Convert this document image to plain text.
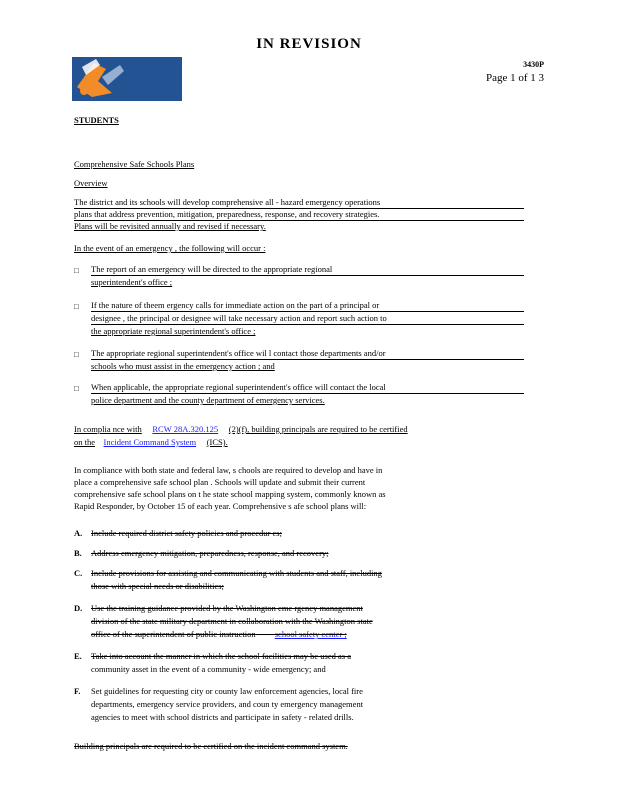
IN REVISION
3430P
Page 1 of 1 3
STUDENTS
Comprehensive Safe Schools Plans
Overview
The district and its schools will develop comprehensive all - hazard emergency operations
plans that address prevention, mitigation, preparedness, response, and recovery strategies.
Plans will be revisited annually and revised if necessary.
In the event of an emergency , the following will occur :
□ The report of an emergency will be directed to the appropriate regional
superintendent's office ;
□ If the nature of theem ergency calls for immediate action on the part of a principal or
designee , the principal or designee will take necessary action and report such action to
the appropriate regional superintendent's office ;
□ The appropriate regional superintendent's office wil l contact those departments and/or
schools who must assist in the emergency action ; and
□ When applicable, the appropriate regional superintendent's office will contact the local
police department and the county department of emergency services.
In complia nce with RCW 28A.320.125 (2)(f), building principals are required to be certified
on the Incident Command System (ICS).
In compliance with both state and federal law, s chools are required to develop and have in
place a comprehensive safe school plan . Schools will update and submit their current
comprehensive safe school plans on t he state school mapping system, commonly known as
Rapid Responder, by October 15 of each year. Comprehensive s afe school plans will:
A.	Include required district safety policies and procedur es;
B.	Address emergency mitigation, preparedness, response, and recovery;
C.	Include provisions for assisting and communicating with students and staff, including
those with special needs or disabilities;
D.	Use the training guidance provided by the Washington eme rgency management
division of the state military department in collaboration with the Washington state
office of the superintendent of public instruction school safety center ;
E.	Take into account the manner in which the school facilities may be used as a
community asset in the event of a community - wide emergency; and
F.	Set guidelines for requesting city or county law enforcement agencies, local fire
departments, emergency service providers, and coun ty emergency management
agencies to meet with school districts and participate in safety - related drills.
Building principals are required to be certified on the incident command system.
